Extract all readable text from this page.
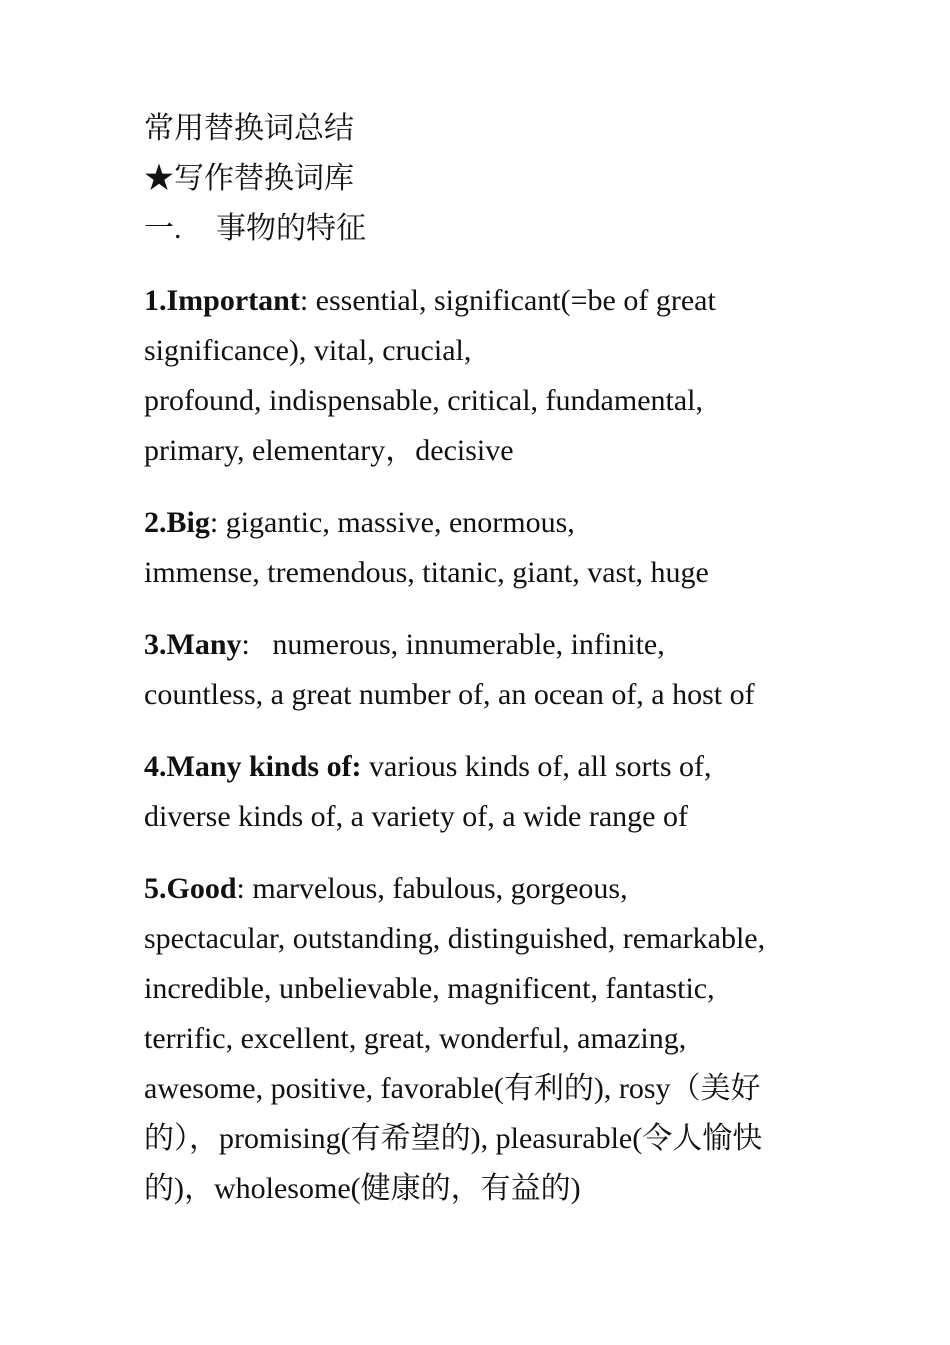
常用替换词总结
★写作替换词库
一. 事物的特征
1.Important: essential, significant(=be of great
significance), vital, crucial,
profound, indispensable, critical, fundamental,
primary, elementary，decisive
2.Big: gigantic, massive, enormous,
immense, tremendous, titanic, giant, vast, huge
3.Many:   numerous, innumerable, infinite,
countless, a great number of, an ocean of, a host of
4.Many kinds of: various kinds of, all sorts of,
diverse kinds of, a variety of, a wide range of
5.Good: marvelous, fabulous, gorgeous,
spectacular, outstanding, distinguished, remarkable,
incredible, unbelievable, magnificent, fantastic,
terrific, excellent, great, wonderful, amazing,
awesome, positive, favorable(有利的), rosy（美好
的），promising(有希望的), pleasurable(令人愉快
的)，wholesome(健康的，有益的)
